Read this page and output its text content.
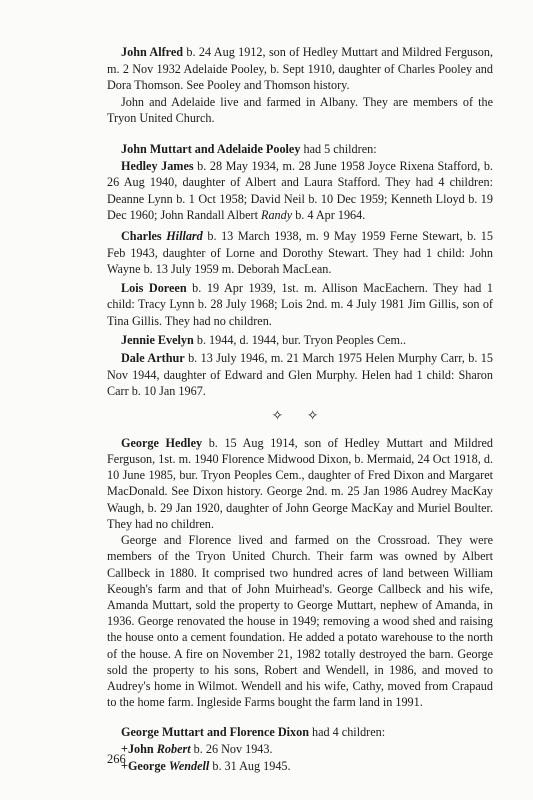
John Alfred b. 24 Aug 1912, son of Hedley Muttart and Mildred Ferguson, m. 2 Nov 1932 Adelaide Pooley, b. Sept 1910, daughter of Charles Pooley and Dora Thomson. See Pooley and Thomson history.

John and Adelaide live and farmed in Albany. They are members of the Tryon United Church.

John Muttart and Adelaide Pooley had 5 children:

Hedley James b. 28 May 1934, m. 28 June 1958 Joyce Rixena Stafford, b. 26 Aug 1940, daughter of Albert and Laura Stafford. They had 4 children: Deanne Lynn b. 1 Oct 1958; David Neil b. 10 Dec 1959; Kenneth Lloyd b. 19 Dec 1960; John Randall Albert Randy b. 4 Apr 1964.

Charles Hillard b. 13 March 1938, m. 9 May 1959 Ferne Stewart, b. 15 Feb 1943, daughter of Lorne and Dorothy Stewart. They had 1 child: John Wayne b. 13 July 1959 m. Deborah MacLean.

Lois Doreen b. 19 Apr 1939, 1st. m. Allison MacEachern. They had 1 child: Tracy Lynn b. 28 July 1968; Lois 2nd. m. 4 July 1981 Jim Gillis, son of Tina Gillis. They had no children.

Jennie Evelyn b. 1944, d. 1944, bur. Tryon Peoples Cem..

Dale Arthur b. 13 July 1946, m. 21 March 1975 Helen Murphy Carr, b. 15 Nov 1944, daughter of Edward and Glen Murphy. Helen had 1 child: Sharon Carr b. 10 Jan 1967.

✧ ✧

George Hedley b. 15 Aug 1914, son of Hedley Muttart and Mildred Ferguson, 1st. m. 1940 Florence Midwood Dixon, b. Mermaid, 24 Oct 1918, d. 10 June 1985, bur. Tryon Peoples Cem., daughter of Fred Dixon and Margaret MacDonald. See Dixon history. George 2nd. m. 25 Jan 1986 Audrey MacKay Waugh, b. 29 Jan 1920, daughter of John George MacKay and Muriel Boulter. They had no children.

George and Florence lived and farmed on the Crossroad. They were members of the Tryon United Church. Their farm was owned by Albert Callbeck in 1880. It comprised two hundred acres of land between William Keough's farm and that of John Muirhead's. George Callbeck and his wife, Amanda Muttart, sold the property to George Muttart, nephew of Amanda, in 1936. George renovated the house in 1949; removing a wood shed and raising the house onto a cement foundation. He added a potato warehouse to the north of the house. A fire on November 21, 1982 totally destroyed the barn. George sold the property to his sons, Robert and Wendell, in 1986, and moved to Audrey's home in Wilmot. Wendell and his wife, Cathy, moved from Crapaud to the home farm. Ingleside Farms bought the farm land in 1991.

George Muttart and Florence Dixon had 4 children:

+John Robert b. 26 Nov 1943.

+George Wendell b. 31 Aug 1945.

266
